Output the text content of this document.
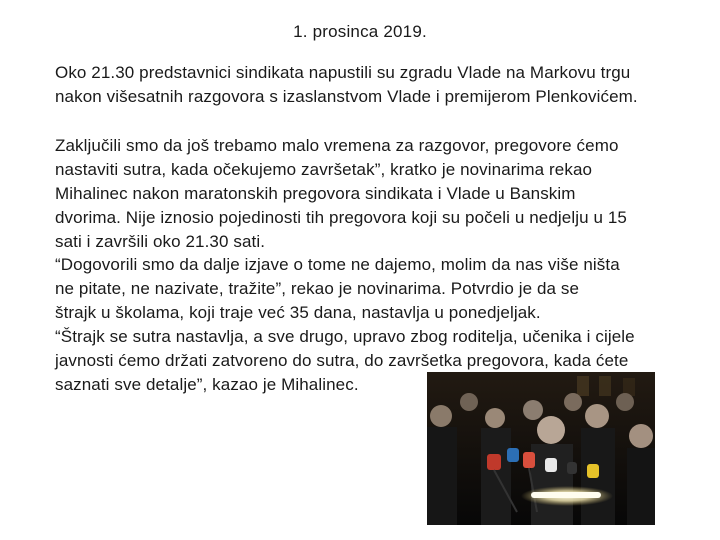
1. prosinca 2019.

Oko 21.30 predstavnici sindikata napustili su zgradu Vlade na Markovu trgu
nakon višesatnih razgovora s izaslanstvom Vlade i premijerom Plenkovićem.

Zaključili smo da još trebamo malo vremena za razgovor, pregovore ćemo
nastaviti sutra, kada očekujemo završetak”, kratko je novinarima rekao
Mihalinec nakon maratonskih pregovora sindikata i Vlade u Banskim
dvorima. Nije iznosio pojedinosti tih pregovora koji su počeli u nedjelju u 15
sati i završili oko 21.30 sati.

“Dogovorili smo da dalje izjave o tome ne dajemo, molim da nas više ništa
ne pitate, ne nazivate, tražite”, rekao je novinarima. Potvrdio je da se
štrajk u školama, koji traje već 35 dana, nastavlja u ponedjeljak.

“Štrajk se sutra nastavlja, a sve drugo, upravo zbog roditelja, učenika i cijele
javnosti ćemo držati zatvoreno do sutra, do završetka pregovora, kada ćete
saznati sve detalje”, kazao je Mihalinec.
